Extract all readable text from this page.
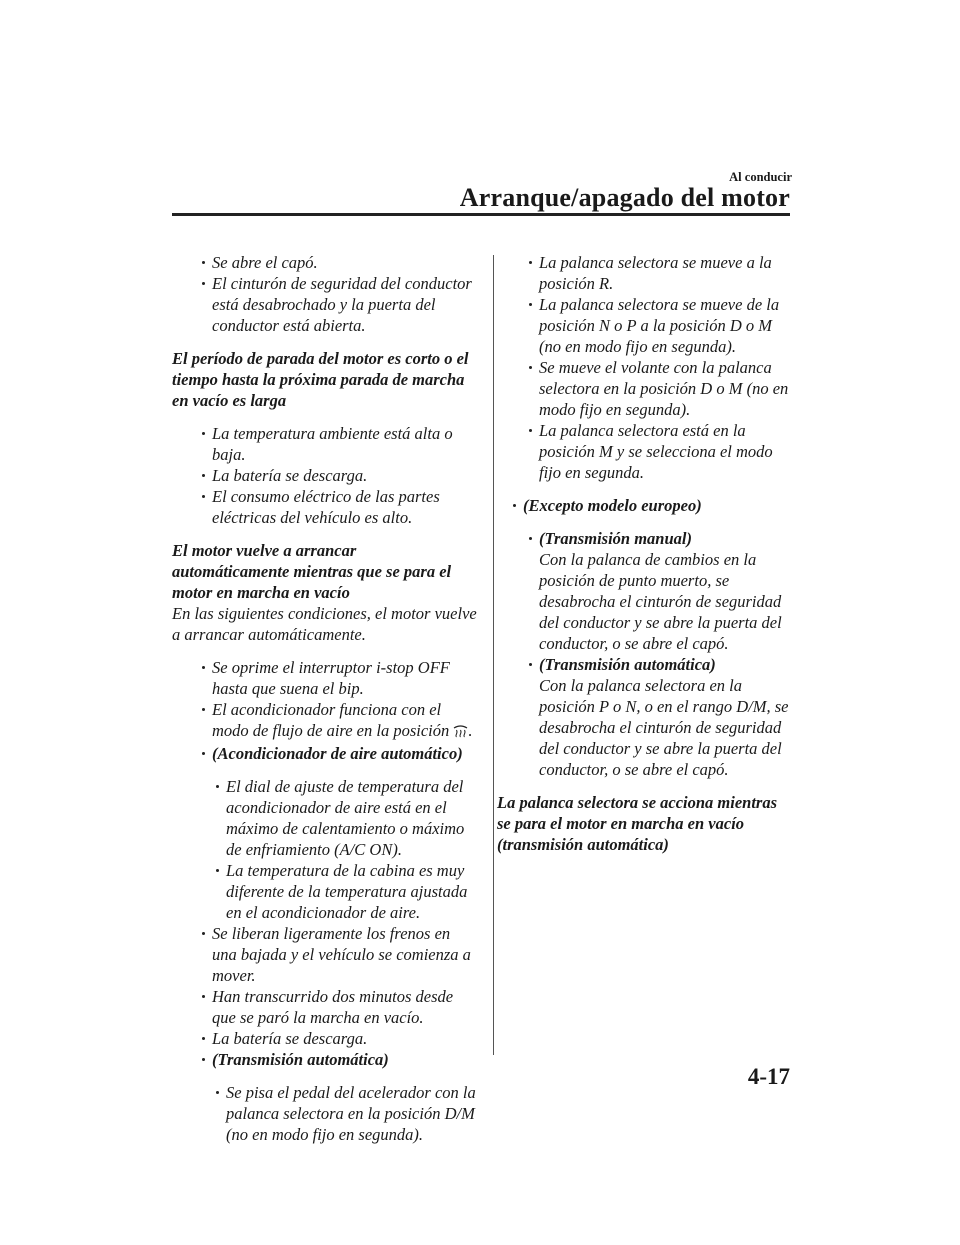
Al conducir
Arranque/apagado del motor
Se abre el capó.
El cinturón de seguridad del conductor está desabrochado y la puerta del conductor está abierta.
El período de parada del motor es corto o el tiempo hasta la próxima parada de marcha en vacío es larga
La temperatura ambiente está alta o baja.
La batería se descarga.
El consumo eléctrico de las partes eléctricas del vehículo es alto.
El motor vuelve a arrancar automáticamente mientras que se para el motor en marcha en vacío
En las siguientes condiciones, el motor vuelve a arrancar automáticamente.
Se oprime el interruptor i-stop OFF hasta que suena el bip.
El acondicionador funciona con el modo de flujo de aire en la posición .
(Acondicionador de aire automático)
El dial de ajuste de temperatura del acondicionador de aire está en el máximo de calentamiento o máximo de enfriamiento (A/C ON).
La temperatura de la cabina es muy diferente de la temperatura ajustada en el acondicionador de aire.
Se liberan ligeramente los frenos en una bajada y el vehículo se comienza a mover.
Han transcurrido dos minutos desde que se paró la marcha en vacío.
La batería se descarga.
(Transmisión automática)
Se pisa el pedal del acelerador con la palanca selectora en la posición D/M (no en modo fijo en segunda).
La palanca selectora se mueve a la posición R.
La palanca selectora se mueve de la posición N o P a la posición D o M (no en modo fijo en segunda).
Se mueve el volante con la palanca selectora en la posición D o M (no en modo fijo en segunda).
La palanca selectora está en la posición M y se selecciona el modo fijo en segunda.
(Excepto modelo europeo)
(Transmisión manual)
Con la palanca de cambios en la posición de punto muerto, se desabrocha el cinturón de seguridad del conductor y se abre la puerta del conductor, o se abre el capó.
(Transmisión automática)
Con la palanca selectora en la posición P o N, o en el rango D/M, se desabrocha el cinturón de seguridad del conductor y se abre la puerta del conductor, o se abre el capó.
La palanca selectora se acciona mientras se para el motor en marcha en vacío (transmisión automática)
4-17
